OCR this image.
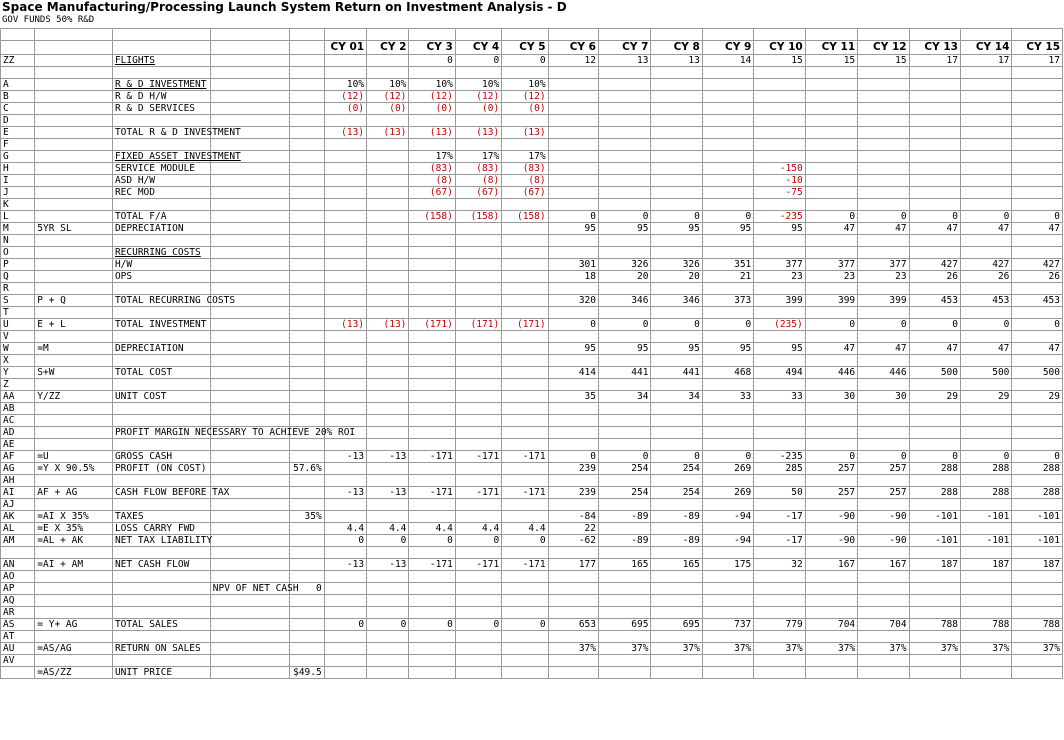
Space Manufacturing/Processing Launch System Return on Investment Analysis - D
GOV FUNDS 50% R&D

					CY 01	CY 2	CY 3	CY 4	CY 5	CY 6	CY 7	CY 8	CY 9	CY 10	CY 11	CY 12	CY 13	CY 14	CY 15
ZZ		FLIGHTS					0	0	0	12	13	13	14	15	15	15	17	17	17

A		R & D INVESTMENT			10%	10%	10%	10%	10%										
B		R & D H/W			(12)	(12)	(12)	(12)	(12)										
C		R & D SERVICES			(0)	(0)	(0)	(0)	(0)										
D																			
E		TOTAL R & D INVESTMENT			(13)	(13)	(13)	(13)	(13)										
F																			
G		FIXED ASSET INVESTMENT					17%	17%	17%										
H		SERVICE MODULE					(83)	(83)	(83)					-150					
I		ASD H/W					(8)	(8)	(8)					-10					
J		REC MOD					(67)	(67)	(67)					-75					
K																			
L		TOTAL F/A					(158)	(158)	(158)	0	0	0	0	-235	0	0	0	0	0
M	5YR SL	DEPRECIATION								95	95	95	95	95	47	47	47	47	47
N																			
O		RECURRING COSTS																	
P		H/W								301	326	326	351	377	377	377	427	427	427
Q		OPS								18	20	20	21	23	23	23	26	26	26
R																			
S	P + Q	TOTAL RECURRING COSTS								320	346	346	373	399	399	399	453	453	453
T																			
U	E + L	TOTAL INVESTMENT			(13)	(13)	(171)	(171)	(171)	0	0	0	0	(235)	0	0	0	0	0
V																			
W	=M	DEPRECIATION								95	95	95	95	95	47	47	47	47	47
X																			
Y	S+W	TOTAL COST								414	441	441	468	494	446	446	500	500	500
Z																			
AA	Y/ZZ	UNIT COST								35	34	34	33	33	30	30	29	29	29
AB																			
AC																			
AD		PROFIT MARGIN NECESSARY TO ACHIEVE 20% ROI																	
AE																			
AF	=U	GROSS CASH			-13	-13	-171	-171	-171	0	0	0	0	-235	0	0	0	0	0
AG	=Y X 90.5%	PROFIT (ON COST)		57.6%						239	254	254	269	285	257	257	288	288	288
AH																			
AI	AF + AG	CASH FLOW BEFORE TAX			-13	-13	-171	-171	-171	239	254	254	269	50	257	257	288	288	288
AJ																			
AK	=AI X 35%	TAXES		35%						-84	-89	-89	-94	-17	-90	-90	-101	-101	-101
AL	=E X 35%	LOSS CARRY FWD			4.4	4.4	4.4	4.4	4.4	22									
AM	=AL + AK	NET TAX LIABILITY			0	0	0	0	0	-62	-89	-89	-94	-17	-90	-90	-101	-101	-101

AN	=AI + AM	NET CASH FLOW			-13	-13	-171	-171	-171	177	165	165	175	32	167	167	187	187	187
AO																			
AP			NPV OF NET CASH	0															
AQ																			
AR																			
AS	= Y+ AG	TOTAL SALES			0	0	0	0	0	653	695	695	737	779	704	704	788	788	788
AT																			
AU	=AS/AG	RETURN ON SALES								37%	37%	37%	37%	37%	37%	37%	37%	37%	37%
AV																			
	=AS/ZZ	UNIT PRICE		$49.5															
